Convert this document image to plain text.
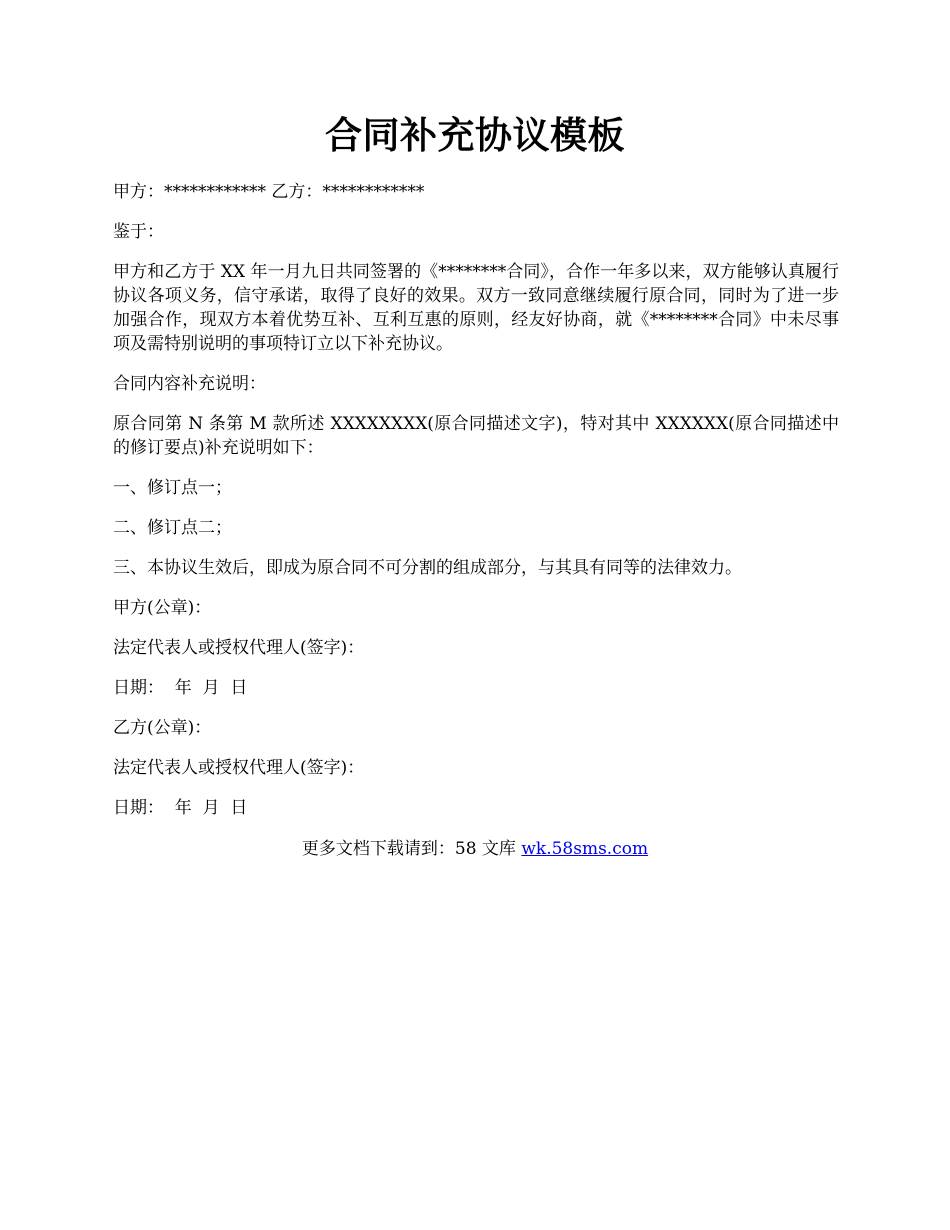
合同补充协议模板

甲方：************ 乙方：************

鉴于：

甲方和乙方于 XX 年一月九日共同签署的《********合同》，合作一年多以来，双方能够认真履行协议各项义务，信守承诺，取得了良好的效果。双方一致同意继续履行原合同，同时为了进一步加强合作，现双方本着优势互补、互利互惠的原则，经友好协商，就《********合同》中未尽事项及需特别说明的事项特订立以下补充协议。

合同内容补充说明：

原合同第 N 条第 M 款所述 XXXXXXXX(原合同描述文字)，特对其中 XXXXXX(原合同描述中的修订要点)补充说明如下：

一、修订点一；

二、修订点二；

三、本协议生效后，即成为原合同不可分割的组成部分，与其具有同等的法律效力。

甲方(公章)：

法定代表人或授权代理人(签字)：

日期：  年  月  日

乙方(公章)：

法定代表人或授权代理人(签字)：

日期：  年  月  日

更多文档下载请到：58 文库 wk.58sms.com
